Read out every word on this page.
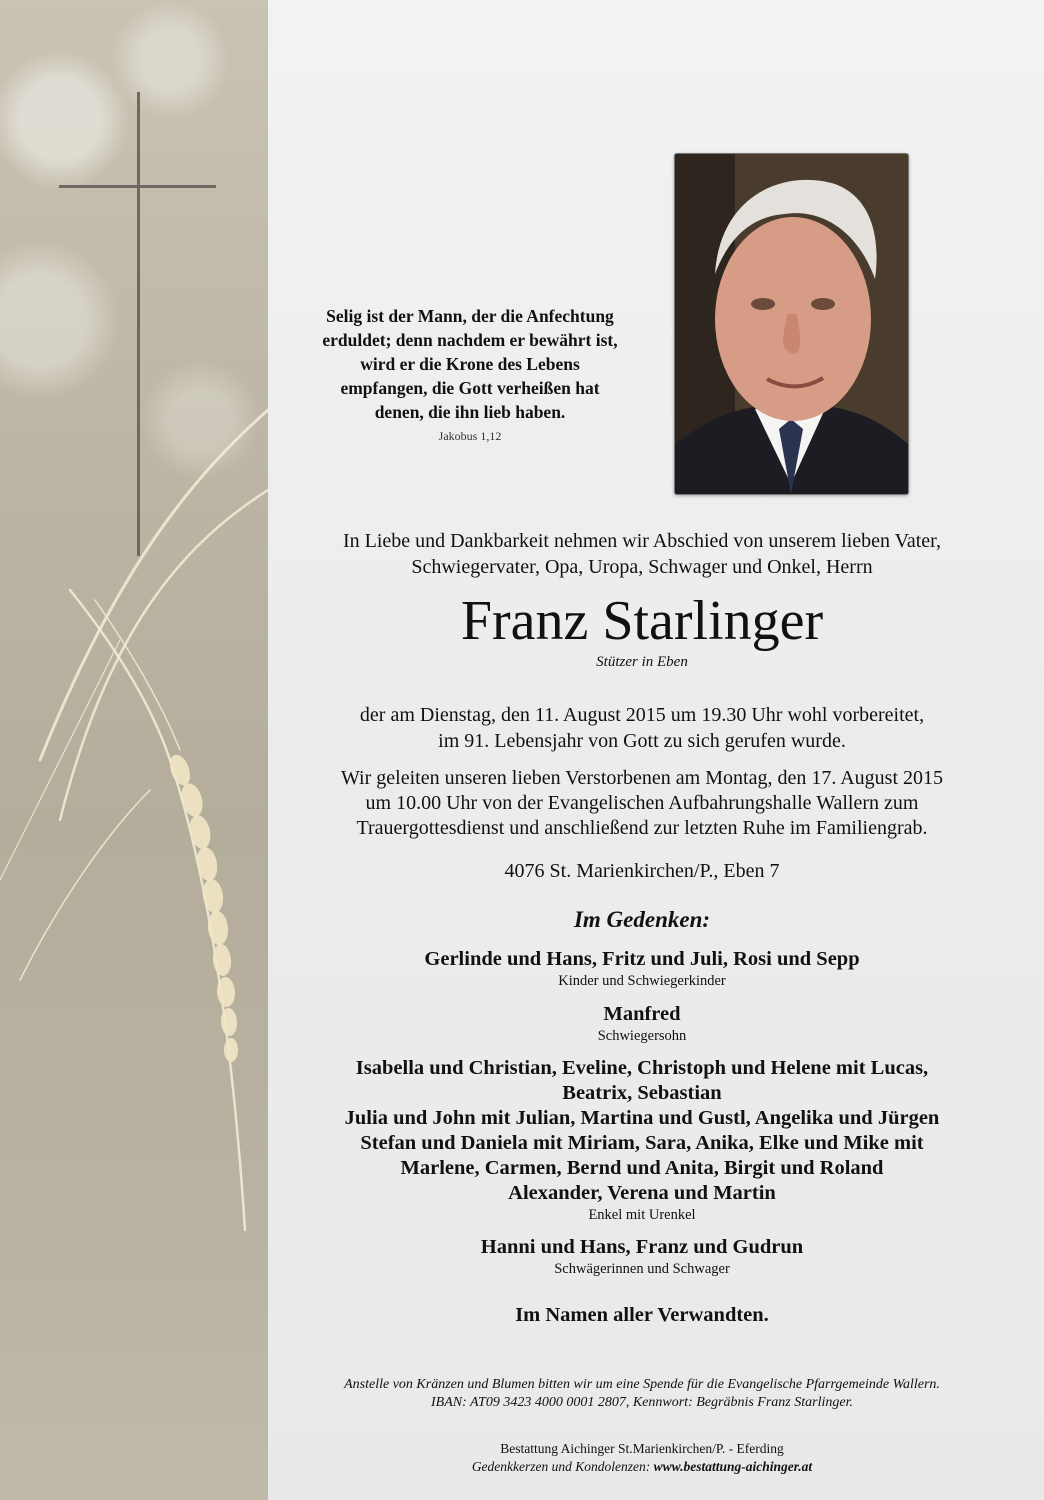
Selig ist der Mann, der die Anfechtung
erduldet; denn nachdem er bewährt ist,
wird er die Krone des Lebens
empfangen, die Gott verheißen hat
denen, die ihn lieb haben.
Jakobus 1,12
In Liebe und Dankbarkeit nehmen wir Abschied von unserem lieben Vater,
Schwiegervater, Opa, Uropa, Schwager und Onkel, Herrn
Franz Starlinger
Stützer in Eben
der am Dienstag, den 11. August 2015 um 19.30 Uhr wohl vorbereitet,
im 91. Lebensjahr von Gott zu sich gerufen wurde.
Wir geleiten unseren lieben Verstorbenen am Montag, den 17. August 2015
um 10.00 Uhr von der Evangelischen Aufbahrungshalle Wallern zum
Trauergottesdienst und anschließend zur letzten Ruhe im Familiengrab.
4076 St. Marienkirchen/P., Eben 7
Im Gedenken:
Gerlinde und Hans, Fritz und Juli, Rosi und Sepp
Kinder und Schwiegerkinder
Manfred
Schwiegersohn
Isabella und Christian, Eveline, Christoph und Helene mit Lucas,
Beatrix, Sebastian
Julia und John mit Julian, Martina und Gustl, Angelika und Jürgen
Stefan und Daniela mit Miriam, Sara, Anika, Elke und Mike mit
Marlene, Carmen, Bernd und Anita, Birgit und Roland
Alexander, Verena und Martin
Enkel mit Urenkel
Hanni und Hans, Franz und Gudrun
Schwägerinnen und Schwager
Im Namen aller Verwandten.
Anstelle von Kränzen und Blumen bitten wir um eine Spende für die Evangelische Pfarrgemeinde Wallern.
IBAN: AT09 3423 4000 0001 2807, Kennwort: Begräbnis Franz Starlinger.
Bestattung Aichinger St.Marienkirchen/P. - Eferding
Gedenkkerzen und Kondolenzen: www.bestattung-aichinger.at
